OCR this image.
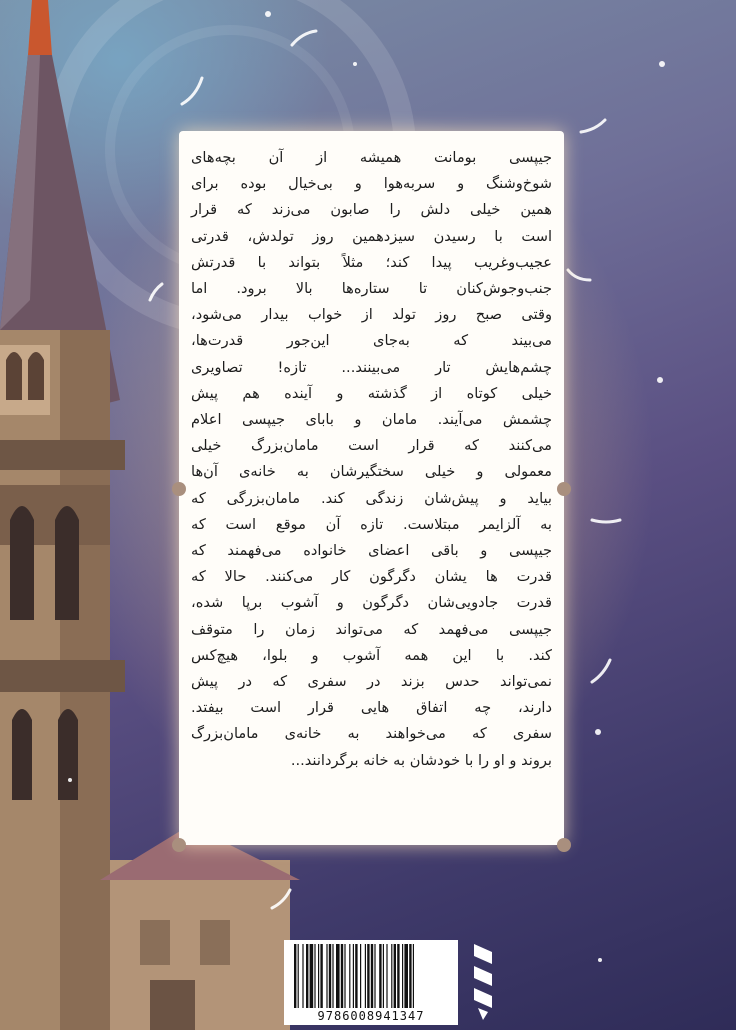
جیپسی بومانت همیشه از آن بچه‌های

شوخ‌وشنگ و سربه‌هوا و بی‌خیال بوده برای

همین خیلی دلش را صابون می‌زند که قرار

است با رسیدن سیزدهمین روز تولدش، قدرتی

عجیب‌وغریب پیدا کند؛ مثلاً بتواند با قدرتش

جنب‌وجوش‌کنان تا ستاره‌ها بالا برود. اما

وقتی صبح روز تولد از خواب بیدار می‌شود،

می‌بیند که به‌جای این‌جور قدرت‌ها،

چشم‌هایش تار می‌بینند... تازه! تصاویری

خیلی کوتاه از گذشته و آینده هم پیش

چشمش می‌آیند. مامان و بابای جیپسی اعلام

می‌کنند که قرار است مامان‌بزرگ خیلی

معمولی و خیلی سختگیرشان به خانه‌ی آن‌ها

بیاید و پیش‌شان زندگی کند. مامان‌بزرگی که

به آلزایمر مبتلاست. تازه آن موقع است که

جیپسی و باقی اعضای خانواده می‌فهمند که

قدرت ها یشان دگرگون کار می‌کنند. حالا که

قدرت جادویی‌شان دگرگون و آشوب برپا شده،

جیپسی می‌فهمد که می‌تواند زمان را متوقف

کند. با این همه آشوب و بلوا، هیچ‌کس

نمی‌تواند حدس بزند در سفری که در پیش

دارند، چه اتفاق هایی قرار است بیفتد.

سفری که می‌خواهند به خانه‌ی مامان‌بزرگ

بروند و او را با خودشان به خانه برگردانند...

9786008941347
